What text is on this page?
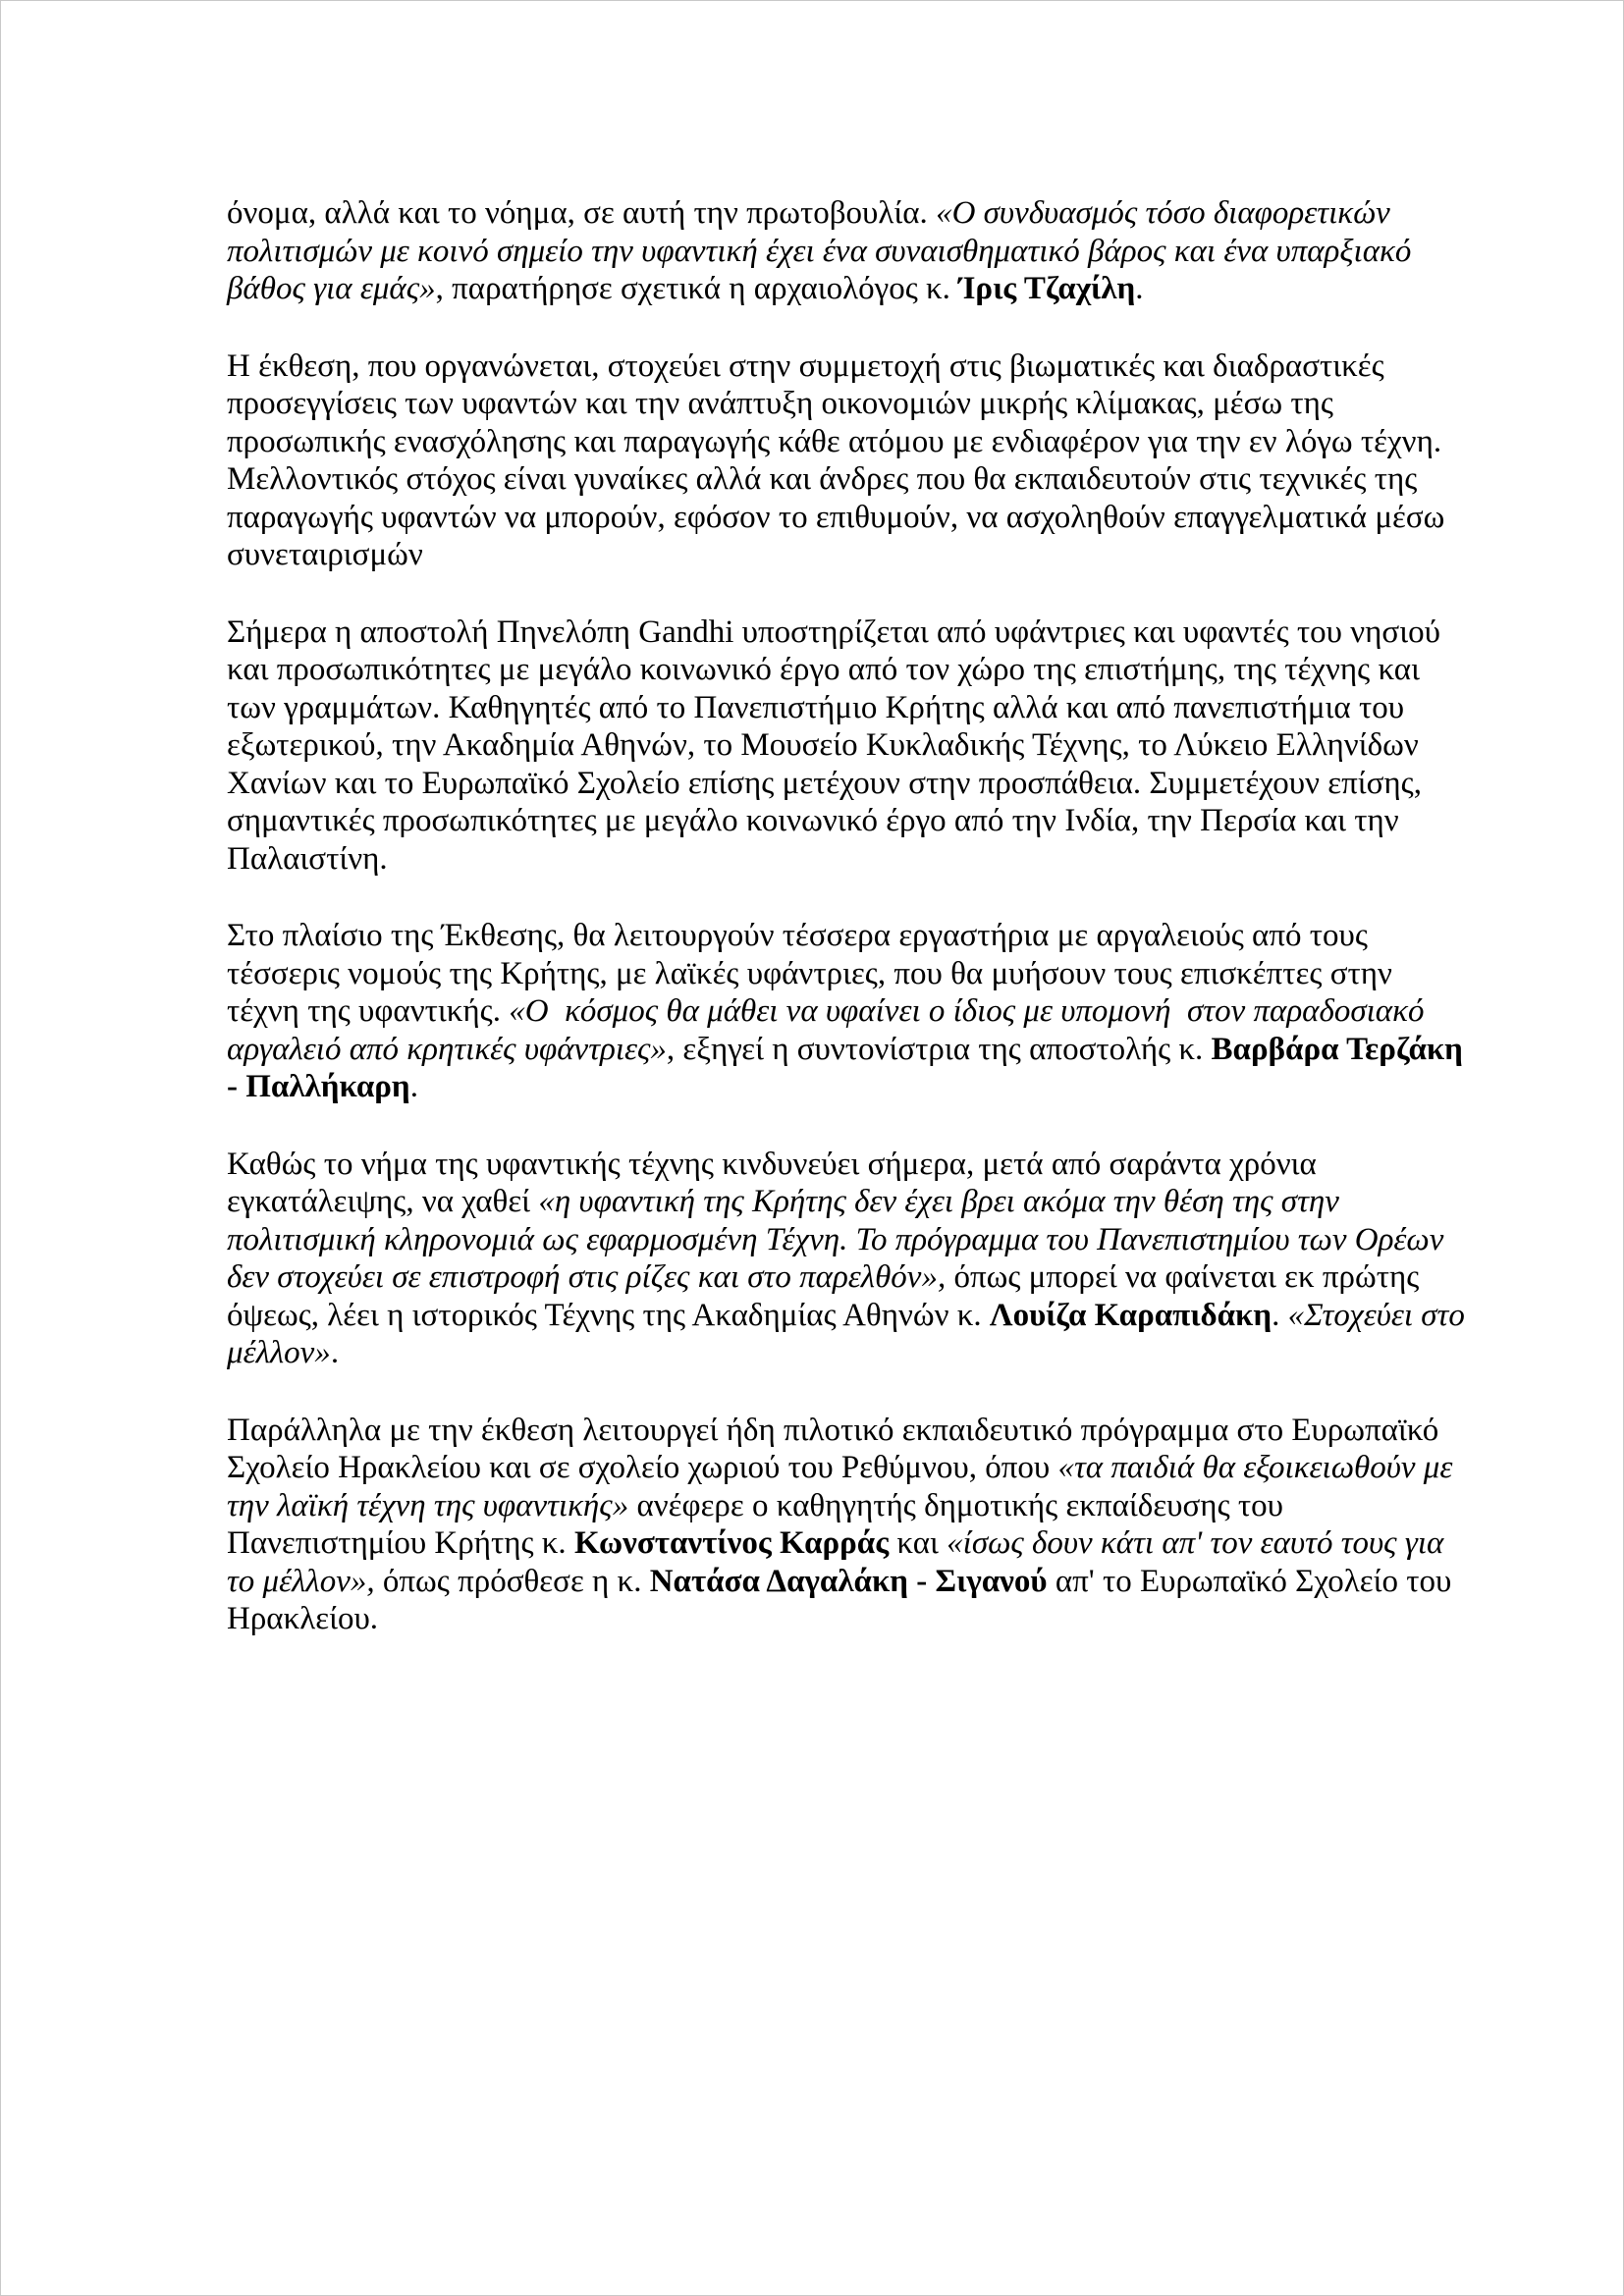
όνομα, αλλά και το νόημα, σε αυτή την πρωτοβουλία. «Ο συνδυασμός τόσο διαφορετικών πολιτισμών με κοινό σημείο την υφαντική έχει ένα συναισθηματικό βάρος και ένα υπαρξιακό βάθος για εμάς», παρατήρησε σχετικά η αρχαιολόγος κ. Ίρις Τζαχίλη.

Η έκθεση, που οργανώνεται, στοχεύει στην συμμετοχή στις βιωματικές και διαδραστικές προσεγγίσεις των υφαντών και την ανάπτυξη οικονομιών μικρής κλίμακας, μέσω της προσωπικής ενασχόλησης και παραγωγής κάθε ατόμου με ενδιαφέρον για την εν λόγω τέχνη. Μελλοντικός στόχος είναι γυναίκες αλλά και άνδρες που θα εκπαιδευτούν στις τεχνικές της παραγωγής υφαντών να μπορούν, εφόσον το επιθυμούν, να ασχοληθούν επαγγελματικά μέσω συνεταιρισμών

Σήμερα η αποστολή Πηνελόπη Gandhi υποστηρίζεται από υφάντριες και υφαντές του νησιού και προσωπικότητες με μεγάλο κοινωνικό έργο από τον χώρο της επιστήμης, της τέχνης και των γραμμάτων. Καθηγητές από το Πανεπιστήμιο Κρήτης αλλά και από πανεπιστήμια του εξωτερικού, την Ακαδημία Αθηνών, το Μουσείο Κυκλαδικής Τέχνης, το Λύκειο Ελληνίδων Χανίων και το Ευρωπαϊκό Σχολείο επίσης μετέχουν στην προσπάθεια. Συμμετέχουν επίσης, σημαντικές προσωπικότητες με μεγάλο κοινωνικό έργο από την Ινδία, την Περσία και την Παλαιστίνη.

Στο πλαίσιο της Έκθεσης, θα λειτουργούν τέσσερα εργαστήρια με αργαλειούς από τους τέσσερις νομούς της Κρήτης, με λαϊκές υφάντριες, που θα μυήσουν τους επισκέπτες στην τέχνη της υφαντικής. «Ο  κόσμος θα μάθει να υφαίνει ο ίδιος με υπομονή  στον παραδοσιακό αργαλειό από κρητικές υφάντριες», εξηγεί η συντονίστρια της αποστολής κ. Βαρβάρα Τερζάκη - Παλλήκαρη.

Καθώς το νήμα της υφαντικής τέχνης κινδυνεύει σήμερα, μετά από σαράντα χρόνια εγκατάλειψης, να χαθεί «η υφαντική της Κρήτης δεν έχει βρει ακόμα την θέση της στην πολιτισμική κληρονομιά ως εφαρμοσμένη Τέχνη. Το πρόγραμμα του Πανεπιστημίου των Ορέων δεν στοχεύει σε επιστροφή στις ρίζες και στο παρελθόν», όπως μπορεί να φαίνεται εκ πρώτης όψεως, λέει η ιστορικός Τέχνης της Ακαδημίας Αθηνών κ. Λουίζα Καραπιδάκη. «Στοχεύει στο μέλλον».

Παράλληλα με την έκθεση λειτουργεί ήδη πιλοτικό εκπαιδευτικό πρόγραμμα στο Ευρωπαϊκό Σχολείο Ηρακλείου και σε σχολείο χωριού του Ρεθύμνου, όπου «τα παιδιά θα εξοικειωθούν με την λαϊκή τέχνη της υφαντικής» ανέφερε ο καθηγητής δημοτικής εκπαίδευσης του Πανεπιστημίου Κρήτης κ. Κωνσταντίνος Καρράς και «ίσως δουν κάτι απ' τον εαυτό τους για το μέλλον», όπως πρόσθεσε η κ. Νατάσα Δαγαλάκη - Σιγανού απ' το Ευρωπαϊκό Σχολείο του Ηρακλείου.
